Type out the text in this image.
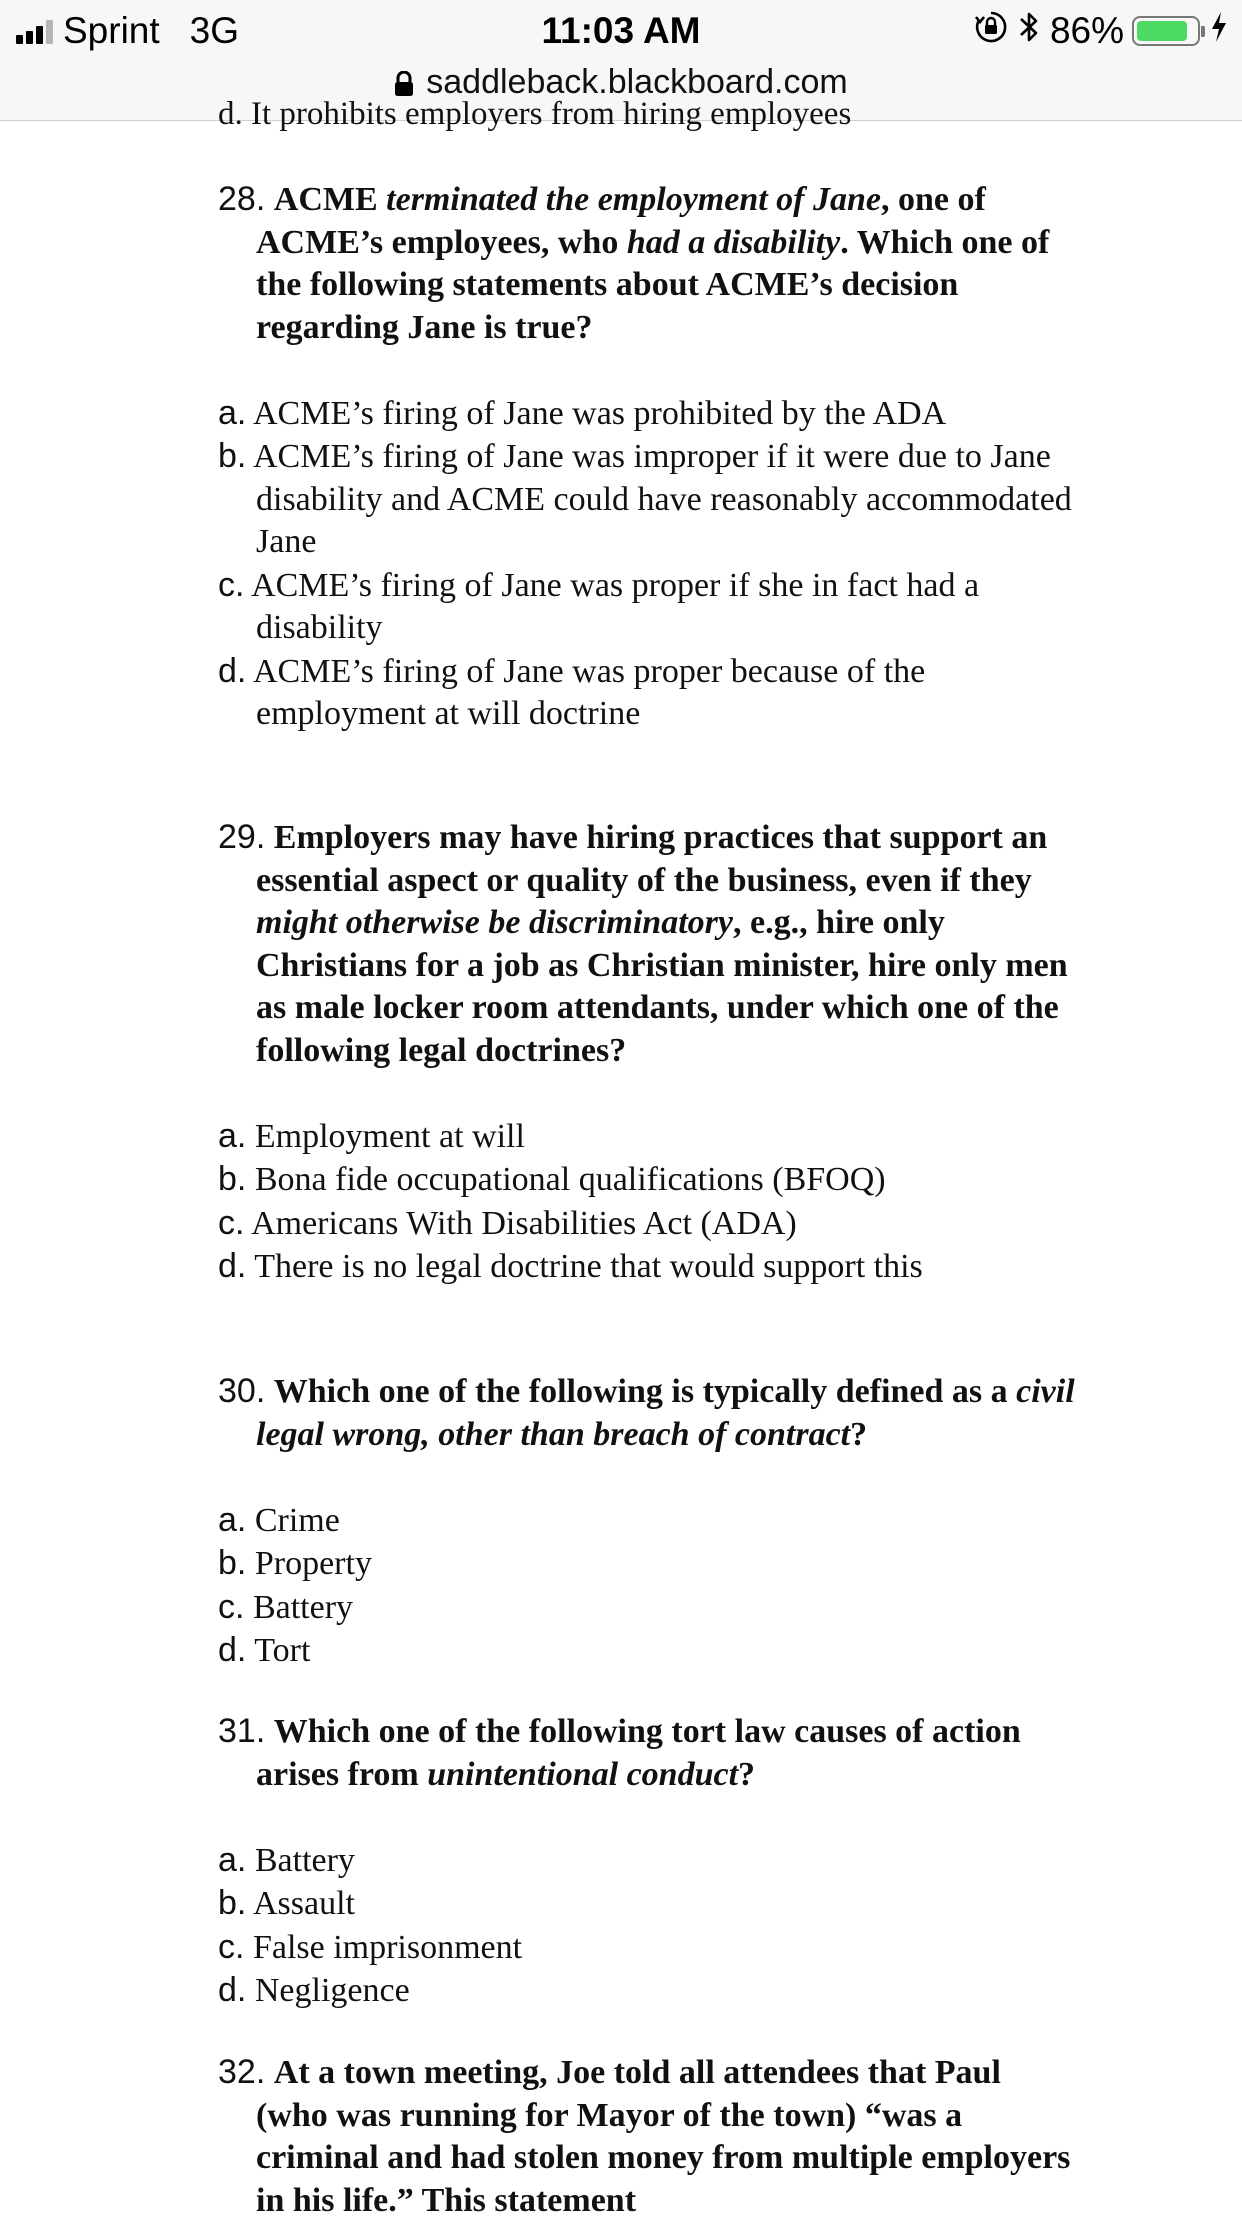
Sprint 3G	11:03 AM	86%
saddleback.blackboard.com
d. It prohibits employers from hiring employees
28. ACME terminated the employment of Jane, one of ACME’s employees, who had a disability. Which one of the following statements about ACME’s decision regarding Jane is true?
a. ACME’s firing of Jane was prohibited by the ADA
b. ACME’s firing of Jane was improper if it were due to Jane disability and ACME could have reasonably accommodated Jane
c. ACME’s firing of Jane was proper if she in fact had a disability
d. ACME’s firing of Jane was proper because of the employment at will doctrine
29. Employers may have hiring practices that support an essential aspect or quality of the business, even if they might otherwise be discriminatory, e.g., hire only Christians for a job as Christian minister, hire only men as male locker room attendants, under which one of the following legal doctrines?
a. Employment at will
b. Bona fide occupational qualifications (BFOQ)
c. Americans With Disabilities Act (ADA)
d. There is no legal doctrine that would support this
30. Which one of the following is typically defined as a civil legal wrong, other than breach of contract?
a. Crime
b. Property
c. Battery
d. Tort
31. Which one of the following tort law causes of action arises from unintentional conduct?
a. Battery
b. Assault
c. False imprisonment
d. Negligence
32. At a town meeting, Joe told all attendees that Paul (who was running for Mayor of the town) “was a criminal and had stolen money from multiple employers in his life.” This statement
